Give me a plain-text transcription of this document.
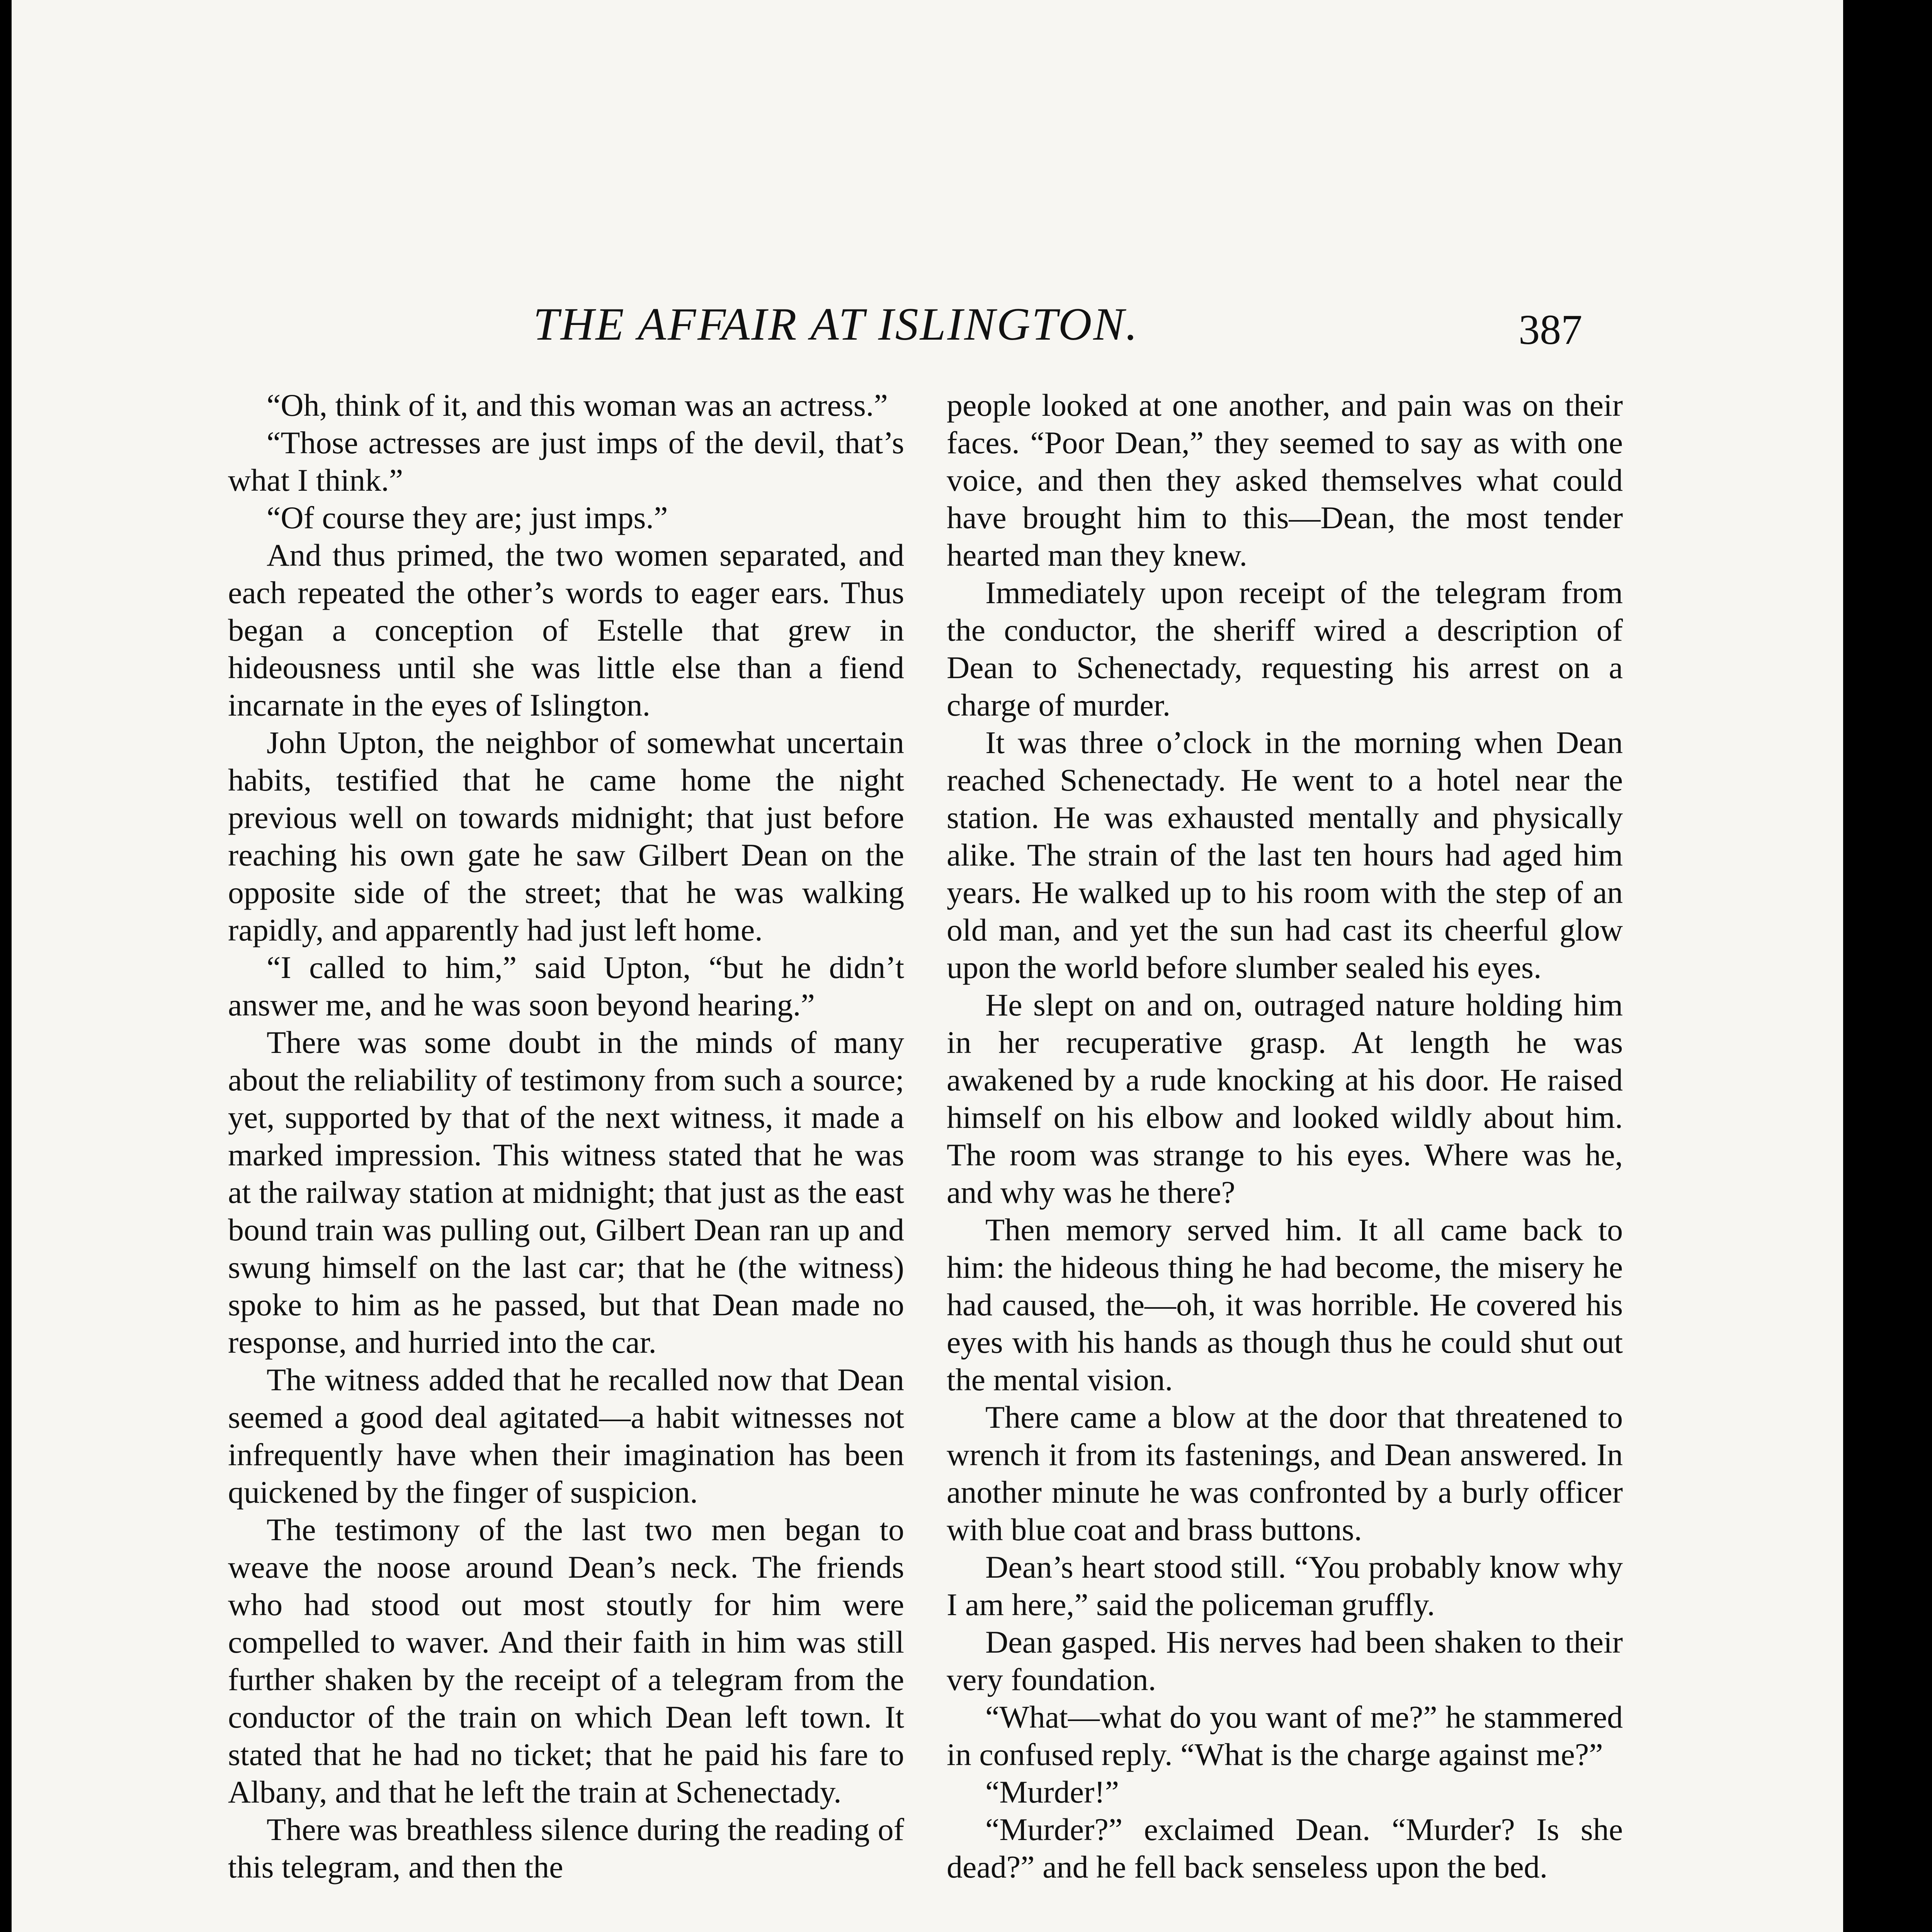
THE AFFAIR AT ISLINGTON.	387

“Oh, think of it, and this woman was an actress.”

“Those actresses are just imps of the devil, that’s what I think.”

“Of course they are; just imps.”

And thus primed, the two women separated, and each repeated the other’s words to eager ears. Thus began a conception of Estelle that grew in hideousness until she was little else than a fiend incarnate in the eyes of Islington.

John Upton, the neighbor of somewhat uncertain habits, testified that he came home the night previous well on towards midnight; that just before reaching his own gate he saw Gilbert Dean on the opposite side of the street; that he was walking rapidly, and apparently had just left home.

“I called to him,” said Upton, “but he didn’t answer me, and he was soon beyond hearing.”

There was some doubt in the minds of many about the reliability of testimony from such a source; yet, supported by that of the next witness, it made a marked impression. This witness stated that he was at the railway station at midnight; that just as the east bound train was pulling out, Gilbert Dean ran up and swung himself on the last car; that he (the witness) spoke to him as he passed, but that Dean made no response, and hurried into the car.

The witness added that he recalled now that Dean seemed a good deal agitated—a habit witnesses not infrequently have when their imagination has been quickened by the finger of suspicion.

The testimony of the last two men began to weave the noose around Dean’s neck. The friends who had stood out most stoutly for him were compelled to waver. And their faith in him was still further shaken by the receipt of a telegram from the conductor of the train on which Dean left town. It stated that he had no ticket; that he paid his fare to Albany, and that he left the train at Schenectady.

There was breathless silence during the reading of this telegram, and then the

people looked at one another, and pain was on their faces. “Poor Dean,” they seemed to say as with one voice, and then they asked themselves what could have brought him to this—Dean, the most tender hearted man they knew.

Immediately upon receipt of the telegram from the conductor, the sheriff wired a description of Dean to Schenectady, requesting his arrest on a charge of murder.

It was three o’clock in the morning when Dean reached Schenectady. He went to a hotel near the station. He was exhausted mentally and physically alike. The strain of the last ten hours had aged him years. He walked up to his room with the step of an old man, and yet the sun had cast its cheerful glow upon the world before slumber sealed his eyes.

He slept on and on, outraged nature holding him in her recuperative grasp. At length he was awakened by a rude knocking at his door. He raised himself on his elbow and looked wildly about him. The room was strange to his eyes. Where was he, and why was he there?

Then memory served him. It all came back to him: the hideous thing he had become, the misery he had caused, the—oh, it was horrible. He covered his eyes with his hands as though thus he could shut out the mental vision.

There came a blow at the door that threatened to wrench it from its fastenings, and Dean answered. In another minute he was confronted by a burly officer with blue coat and brass buttons.

Dean’s heart stood still. “You probably know why I am here,” said the policeman gruffly.

Dean gasped. His nerves had been shaken to their very foundation.

“What—what do you want of me?” he stammered in confused reply. “What is the charge against me?”

“Murder!”

“Murder?” exclaimed Dean. “Murder? Is she dead?” and he fell back senseless upon the bed.
